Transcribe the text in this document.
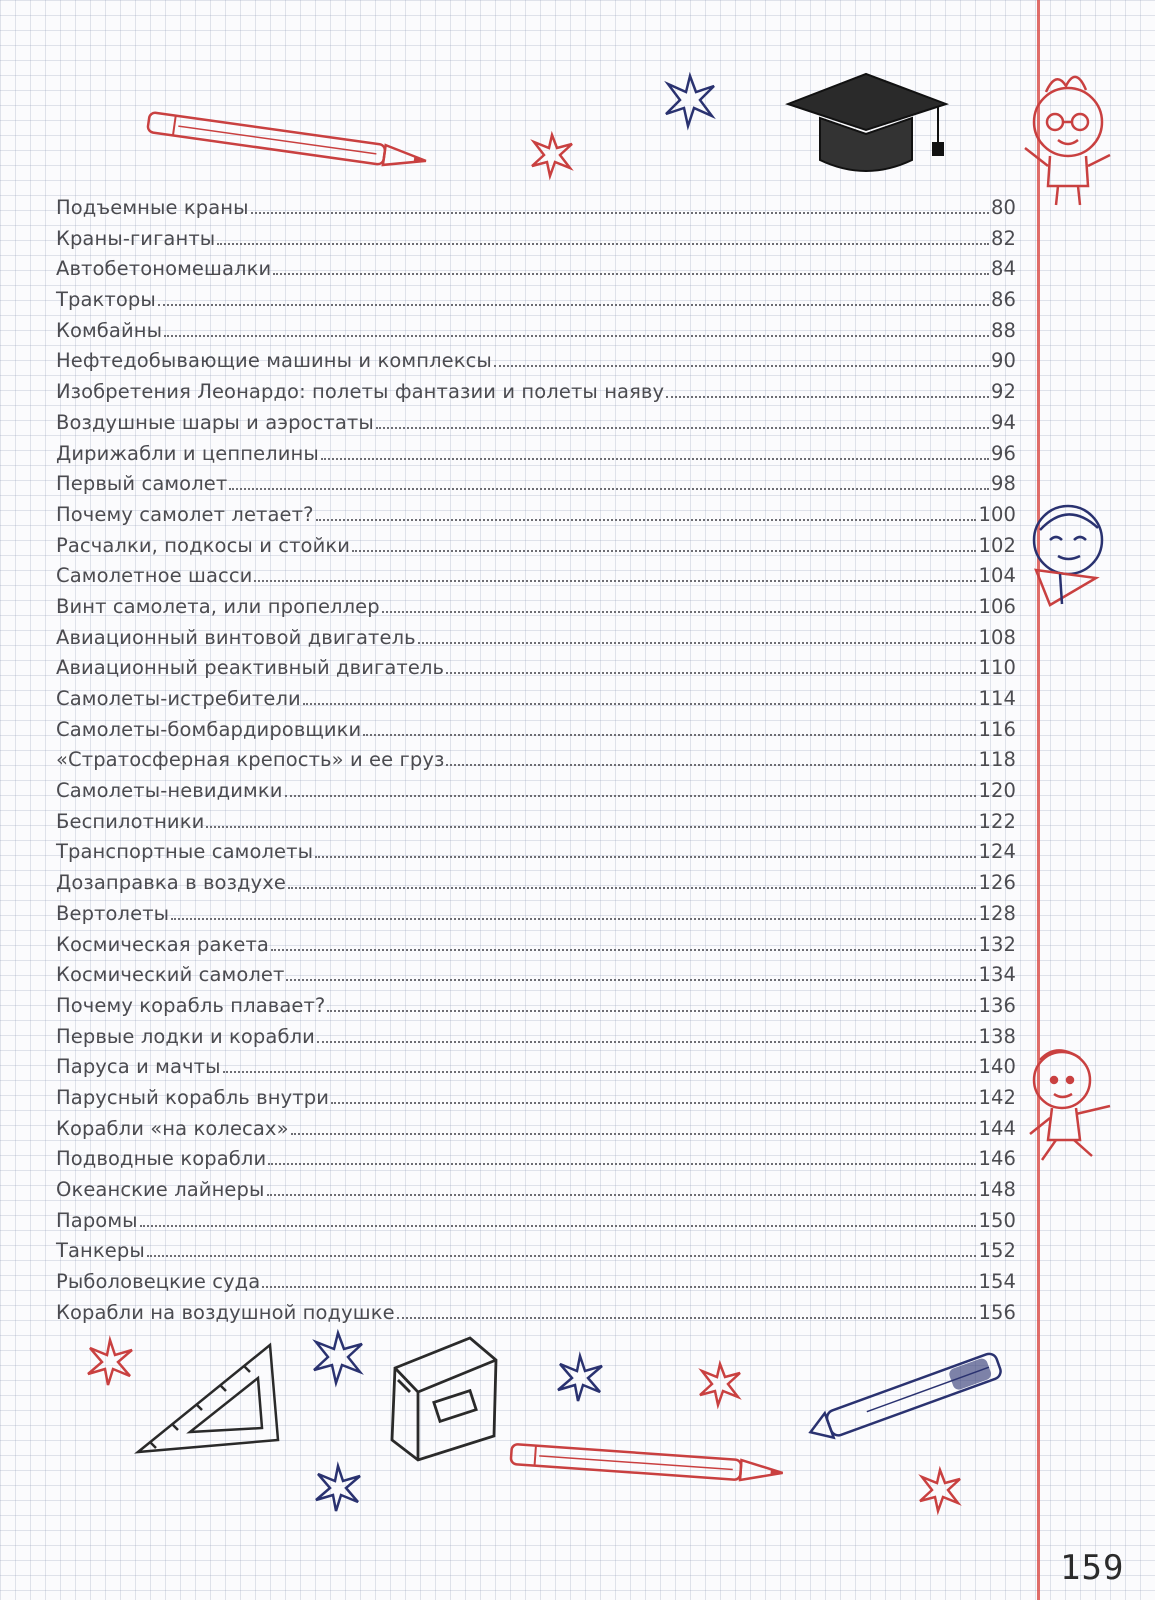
Подъемные краны	80
Краны-гиганты	82
Автобетономешалки	84
Тракторы	86
Комбайны	88
Нефтедобывающие машины и комплексы	90
Изобретения Леонардо: полеты фантазии и полеты наяву	92
Воздушные шары и аэростаты	94
Дирижабли и цеппелины	96
Первый самолет	98
Почему самолет летает?	100
Расчалки, подкосы и стойки	102
Самолетное шасси	104
Винт самолета, или пропеллер	106
Авиационный винтовой двигатель	108
Авиационный реактивный двигатель	110
Самолеты-истребители	114
Самолеты-бомбардировщики	116
«Стратосферная крепость» и ее груз	118
Самолеты-невидимки	120
Беспилотники	122
Транспортные самолеты	124
Дозаправка в воздухе	126
Вертолеты	128
Космическая ракета	132
Космический самолет	134
Почему корабль плавает?	136
Первые лодки и корабли	138
Паруса и мачты	140
Парусный корабль внутри	142
Корабли «на колесах»	144
Подводные корабли	146
Океанские лайнеры	148
Паромы	150
Танкеры	152
Рыболовецкие суда	154
Корабли на воздушной подушке	156
159
